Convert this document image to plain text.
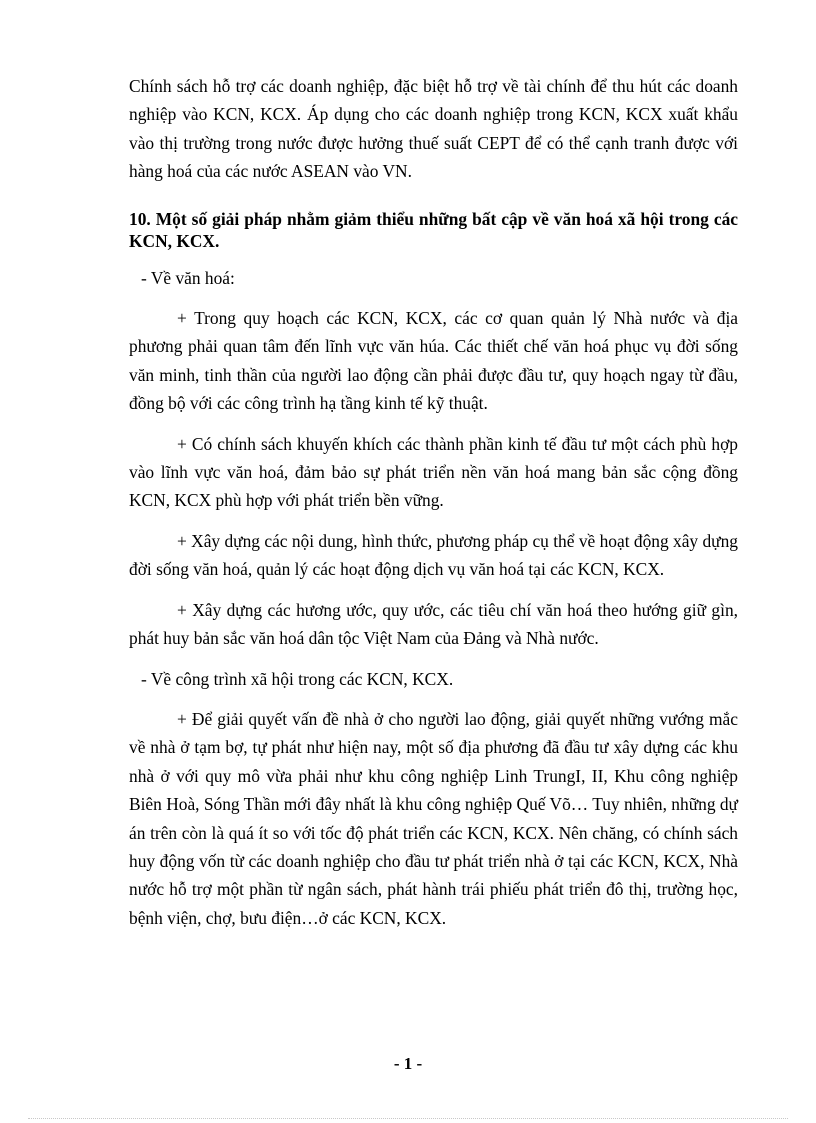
Chính sách hỗ trợ các doanh nghiệp, đặc biệt hỗ trợ về tài chính để thu hút các doanh nghiệp vào KCN, KCX. Áp dụng cho các doanh nghiệp trong KCN, KCX xuất khẩu vào thị trường trong nước được hưởng thuế suất CEPT để có thể cạnh tranh được với hàng hoá của các nước ASEAN vào VN.

10. Một số giải pháp nhằm giảm thiểu những bất cập về văn hoá xã hội trong các KCN, KCX.

- Về văn hoá:

+ Trong quy hoạch các KCN, KCX, các cơ quan quản lý Nhà nước và địa phương phải quan tâm đến lĩnh vực văn húa. Các thiết chế văn hoá phục vụ đời sống văn minh, tinh thần của người lao động cần phải được đầu tư, quy hoạch ngay từ đầu, đồng bộ với các công trình hạ tầng kinh tế kỹ thuật.

+ Có chính sách khuyến khích các thành phần kinh tế đầu tư một cách phù hợp vào lĩnh vực văn hoá, đảm bảo sự phát triển nền văn hoá mang bản sắc cộng đồng KCN, KCX phù hợp với phát triển bền vững.

+ Xây dựng các nội dung, hình thức, phương pháp cụ thể về hoạt động xây dựng đời sống văn hoá, quản lý các hoạt động dịch vụ văn hoá tại các KCN, KCX.

+ Xây dựng các hương ước, quy ước, các tiêu chí văn hoá theo hướng giữ gìn, phát huy bản sắc văn hoá dân tộc Việt Nam của Đảng và Nhà nước.

- Về công trình xã hội trong các KCN, KCX.

+ Để giải quyết vấn đề nhà ở cho người lao động, giải quyết những vướng mắc về nhà ở tạm bợ, tự phát như hiện nay, một số địa phương đã đầu tư xây dựng các khu nhà ở với quy mô vừa phải như khu công nghiệp Linh TrungI, II, Khu công nghiệp Biên Hoà, Sóng Thần mới đây nhất là khu công nghiệp Quế Võ… Tuy nhiên, những dự án trên còn là quá ít so với tốc độ phát triển các KCN, KCX. Nên chăng, có chính sách huy động vốn từ các doanh nghiệp cho đầu tư phát triển nhà ở tại các KCN, KCX, Nhà nước hỗ trợ một phần từ ngân sách, phát hành trái phiếu phát triển đô thị, trường học, bệnh viện, chợ, bưu điện…ở các KCN, KCX.

- 1 -
